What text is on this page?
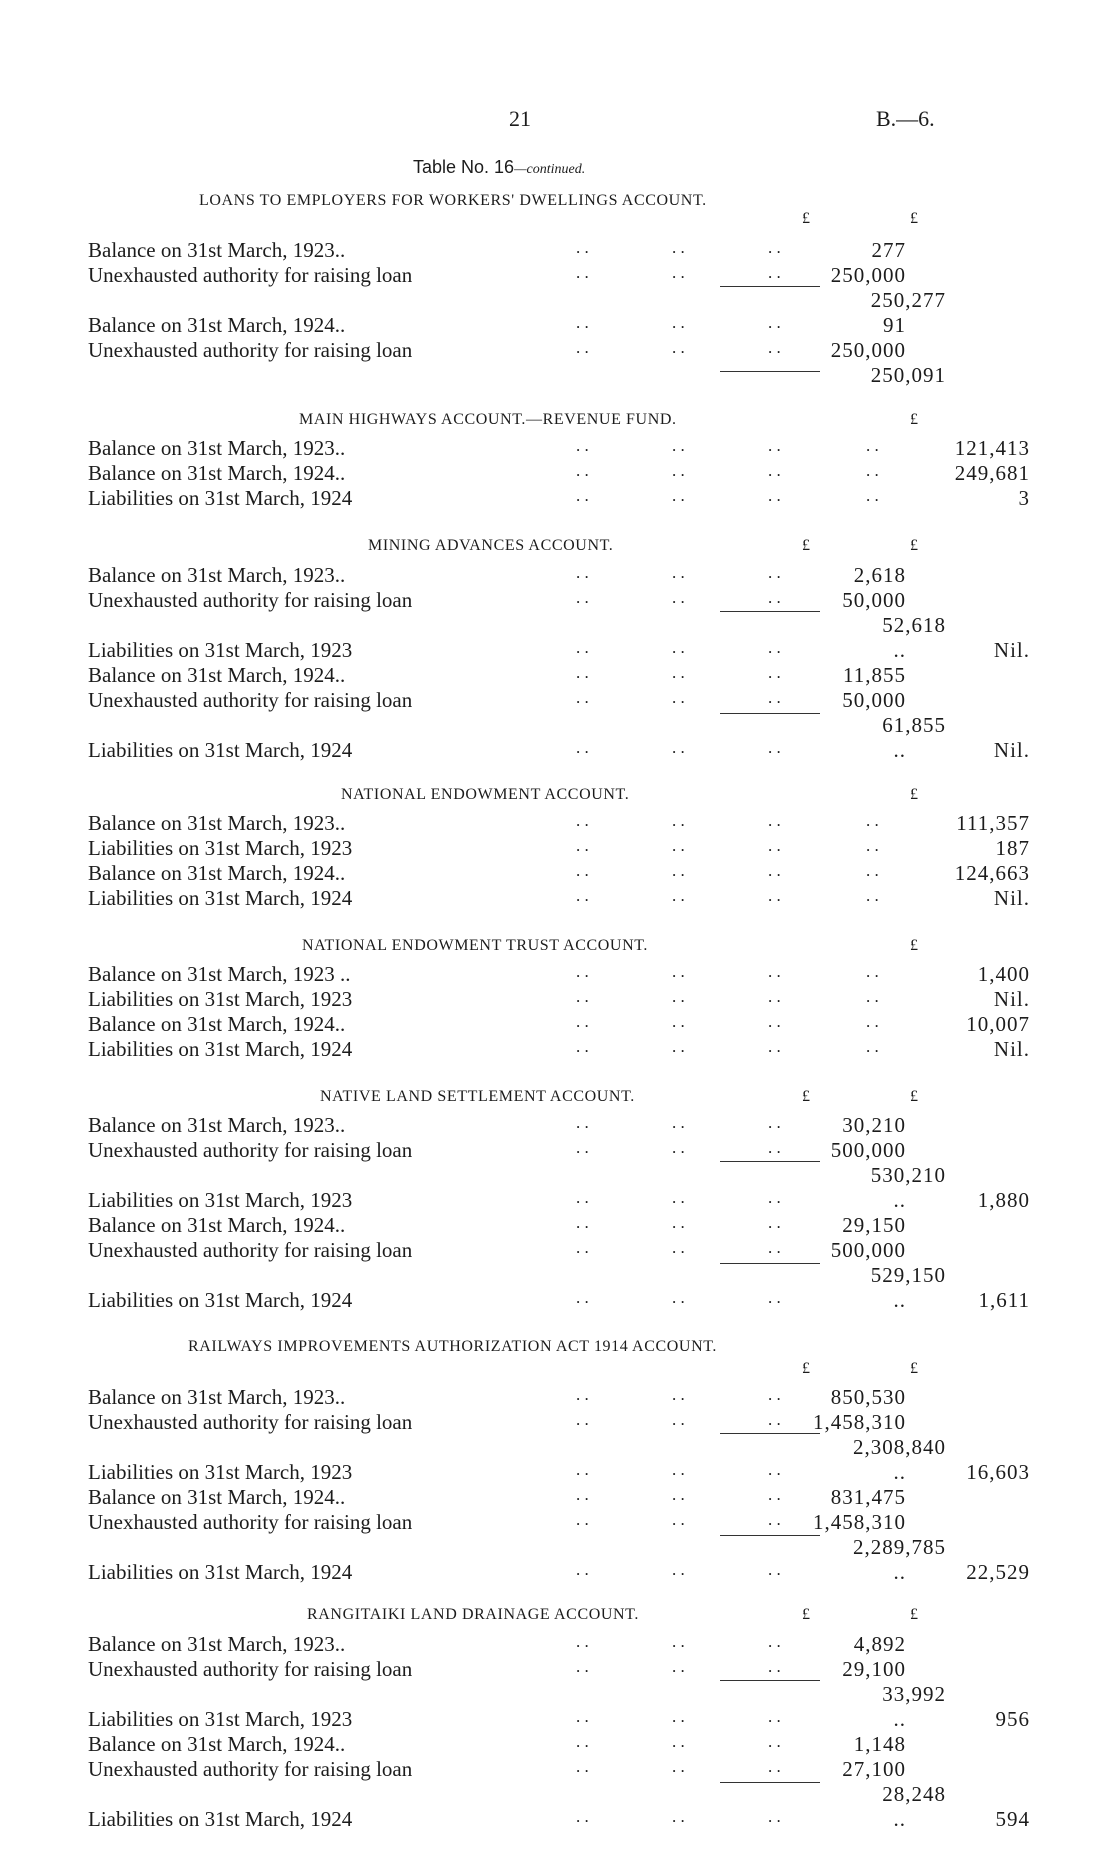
21	B.—6.
Table No. 16—continued.
LOANS TO EMPLOYERS FOR WORKERS' DWELLINGS ACCOUNT.
£	£
Balance on 31st March, 1923..	. .	. .	. .	277
Unexhausted authority for raising loan	. .	. .	. . 250,000
250,277
Balance on 31st March, 1924..	. .	. .	. .	91
Unexhausted authority for raising loan	. .	. .	. . 250,000
250,091
MAIN HIGHWAYS ACCOUNT.—REVENUE FUND.	£
Balance on 31st March, 1923..	. .	. .	. .	. .	121,413
Balance on 31st March, 1924..	. .	. .	. .	. .	249,681
Liabilities on 31st March, 1924	. .	. .	. .	. .	3
MINING ADVANCES ACCOUNT.	£	£
Balance on 31st March, 1923..	. .	. .	. .	2,618
Unexhausted authority for raising loan	. .	. .	. .	50,000
52,618
Liabilities on 31st March, 1923	. .	. .	. .	..	Nil.
Balance on 31st March, 1924..	. .	. .	. .	11,855
Unexhausted authority for raising loan	. .	. .	. .	50,000
61,855
Liabilities on 31st March, 1924	. .	. .	. .	..	Nil.
NATIONAL ENDOWMENT ACCOUNT.	£
Balance on 31st March, 1923..	. .	. .	. .	. .	111,357
Liabilities on 31st March, 1923	. .	. .	. .	. .	187
Balance on 31st March, 1924..	. .	. .	. .	. .	124,663
Liabilities on 31st March, 1924	. .	. .	. .	. .	Nil.
NATIONAL ENDOWMENT TRUST ACCOUNT.	£
Balance on 31st March, 1923 ..	. .	. .	. .	. .	1,400
Liabilities on 31st March, 1923	. .	. .	. .	. .	Nil.
Balance on 31st March, 1924..	. .	. .	. .	. .	10,007
Liabilities on 31st March, 1924	. .	. .	. .	. .	Nil.
NATIVE LAND SETTLEMENT ACCOUNT.	£	£
Balance on 31st March, 1923..	. .	. .	. .	30,210
Unexhausted authority for raising loan	. .	. .	. . 500,000
530,210
Liabilities on 31st March, 1923	. .	. .	. .	..	1,880
Balance on 31st March, 1924..	. .	. .	. .	29,150
Unexhausted authority for raising loan	. .	. .	. . 500,000
529,150
Liabilities on 31st March, 1924	. .	. .	. .	..	1,611
RAILWAYS IMPROVEMENTS AUTHORIZATION ACT 1914 ACCOUNT.
£	£
Balance on 31st March, 1923..	. .	. .	. . 850,530
Unexhausted authority for raising loan	. .	. .	. . 1,458,310
2,308,840
Liabilities on 31st March, 1923	. .	. .	. .	..	16,603
Balance on 31st March, 1924..	. .	. .	. . 831,475
Unexhausted authority for raising loan	. .	. .	. . 1,458,310
2,289,785
Liabilities on 31st March, 1924	. .	. .	. .	..	22,529
RANGITAIKI LAND DRAINAGE ACCOUNT.	£	£
Balance on 31st March, 1923..	. .	. .	. .	4,892
Unexhausted authority for raising loan	. .	. .	. .	29,100
33,992
Liabilities on 31st March, 1923	. .	. .	. .	..	956
Balance on 31st March, 1924..	. .	. .	. .	1,148
Unexhausted authority for raising loan	. .	. .	. .	27,100
28,248
Liabilities on 31st March, 1924	. .	. .	. .	..	594
